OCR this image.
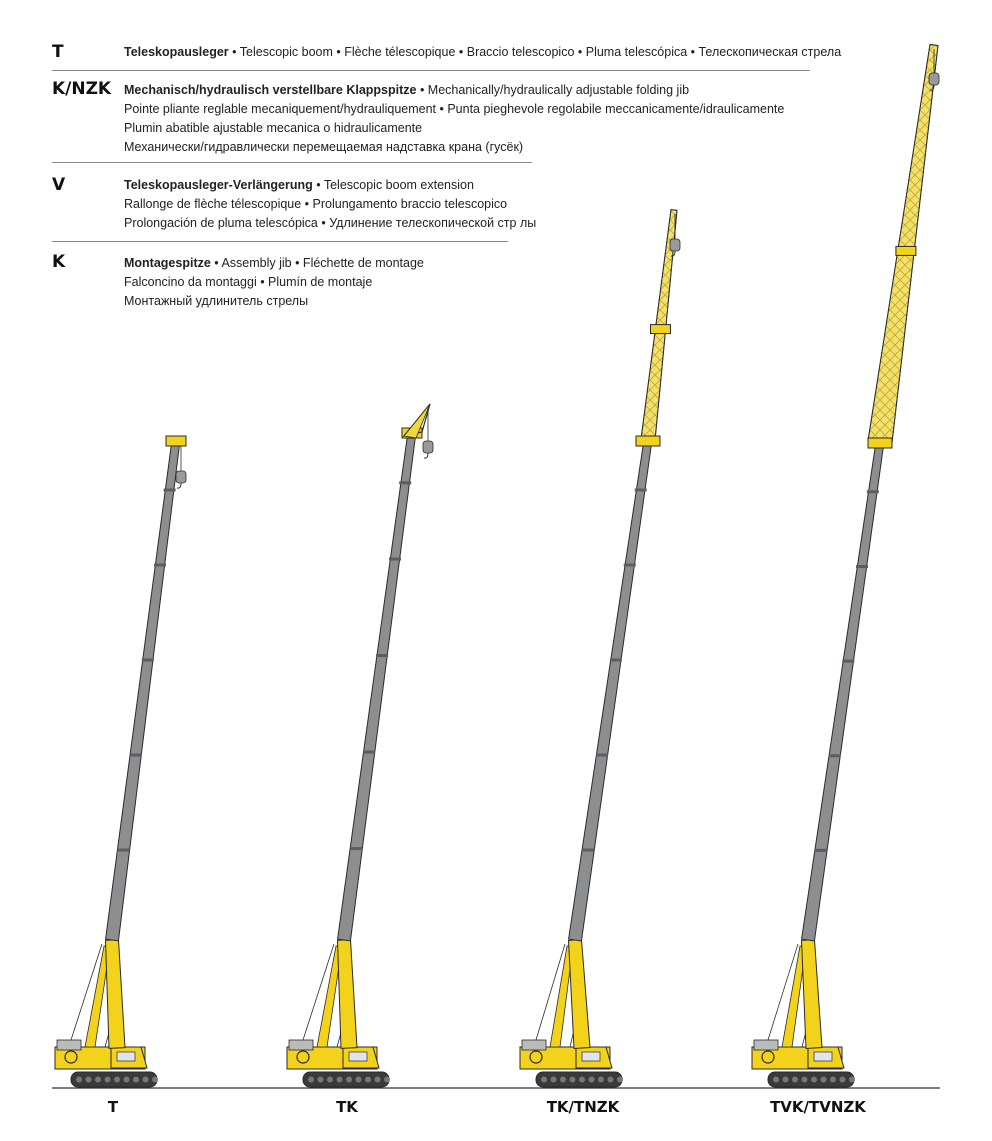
T	Teleskopausleger • Telescopic boom • Flèche télescopique • Braccio telescopico • Pluma telescópica • Телескопическая стрела
K/NZK Mechanisch/hydraulisch verstellbare Klappspitze • Mechanically/hydraulically adjustable folding jib
Pointe pliante reglable mecaniquement/hydrauliquement • Punta pieghevole regolabile meccanicamente/idraulicamente
Plumin abatible ajustable mecanica o hidraulicamente
Механически/гидравлически перемещаемая надставка крана (гусёк)
V	Teleskopausleger-Verlängerung • Telescopic boom extension
Rallonge de flèche télescopique • Prolungamento braccio telescopico
Prolongación de pluma telescópica • Удлинение телескопической стр лы
K	Montagespitze • Assembly jib • Fléchette de montage
Falconcino da montaggi • Plumín de montaje
Монтажный удлинитель стрелы
T	TK	TK/TNZK	TVK/TVNZK
